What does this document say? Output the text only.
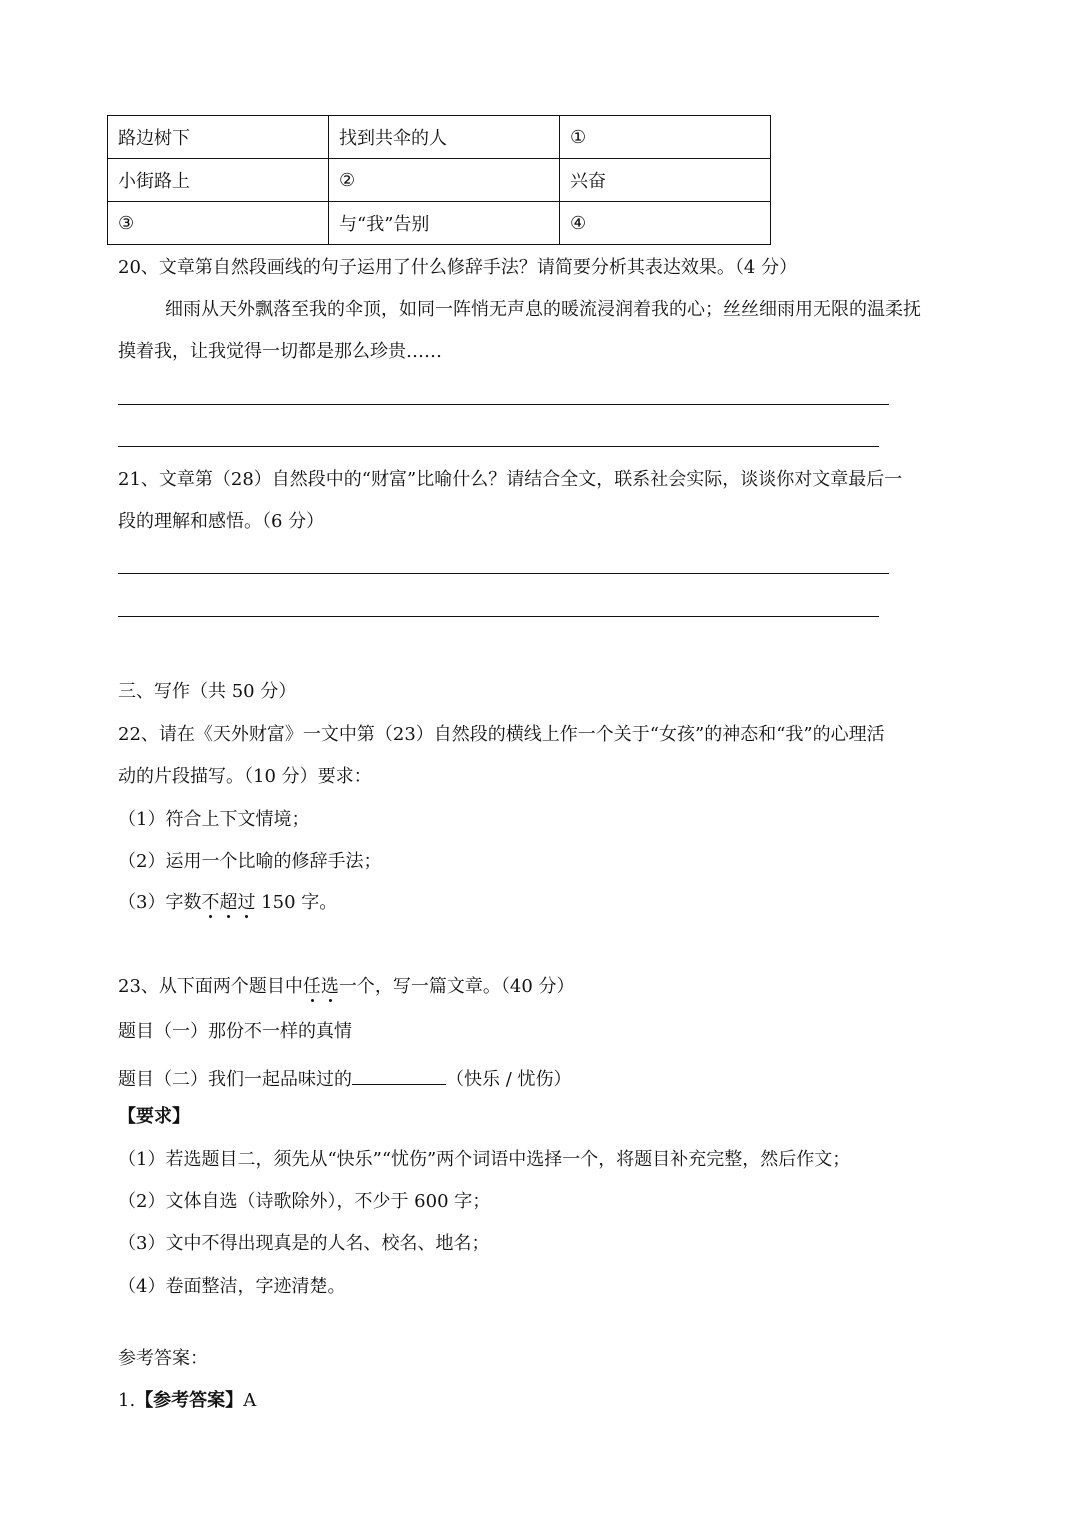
路边树下	找到共伞的人	①
小街路上	②	兴奋
③	与“我”告别	④
20、文章第自然段画线的句子运用了什么修辞手法？请简要分析其表达效果。（4 分）
细雨从天外飘落至我的伞顶，如同一阵悄无声息的暖流浸润着我的心；丝丝细雨用无限的温柔抚
摸着我，让我觉得一切都是那么珍贵……
21、文章第（28）自然段中的“财富”比喻什么？请结合全文，联系社会实际，谈谈你对文章最后一
段的理解和感悟。（6 分）
三、写作（共 50 分）
22、请在《天外财富》一文中第（23）自然段的横线上作一个关于“女孩”的神态和“我”的心理活
动的片段描写。（10 分）要求：
（1）符合上下文情境；
（2）运用一个比喻的修辞手法；
（3）字数不超过 150 字。
23、从下面两个题目中任选一个，写一篇文章。（40 分）
题目（一）那份不一样的真情
题目（二）我们一起品味过的	（快乐 / 忧伤）
【要求】
（1）若选题目二，须先从“快乐”“忧伤”两个词语中选择一个，将题目补充完整，然后作文；
（2）文体自选（诗歌除外），不少于 600 字；
（3）文中不得出现真是的人名、校名、地名；
（4）卷面整洁，字迹清楚。
参考答案：
1.【参考答案】A
